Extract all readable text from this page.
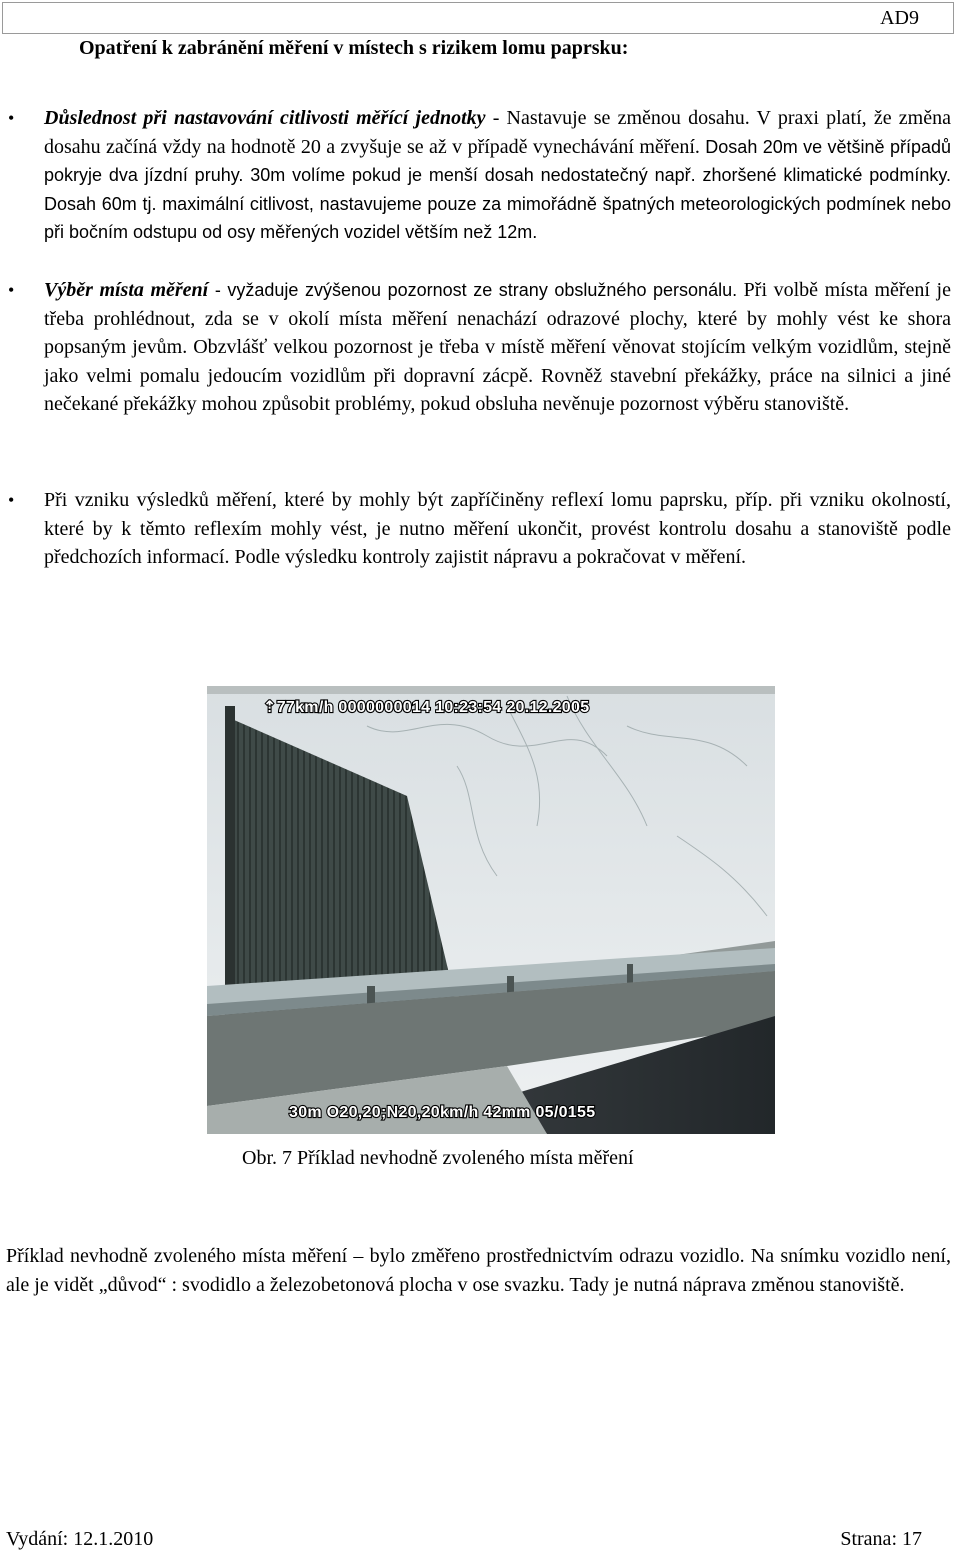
AD9
Opatření k zabránění měření v místech s rizikem lomu paprsku:
• Důslednost při nastavování citlivosti měřící jednotky - Nastavuje se změnou dosahu. V praxi platí, že změna dosahu začíná vždy na hodnotě 20 a zvyšuje se až v případě vynechávání měření. Dosah 20m ve většině případů pokryje dva jízdní pruhy. 30m volíme pokud je menší dosah nedostatečný např. zhoršené klimatické podmínky. Dosah 60m tj. maximální citlivost, nastavujeme pouze za mimořádně špatných meteorologických podmínek nebo při bočním odstupu od osy měřených vozidel větším než 12m.
• Výběr místa měření - vyžaduje zvýšenou pozornost ze strany obslužného personálu. Při volbě místa měření je třeba prohlédnout, zda se v okolí místa měření nenachází odrazové plochy, které by mohly vést ke shora popsaným jevům. Obzvlášť velkou pozornost je třeba v místě měření věnovat stojícím velkým vozidlům, stejně jako velmi pomalu jedoucím vozidlům při dopravní zácpě. Rovněž stavební překážky, práce na silnici a jiné nečekané překážky mohou způsobit problémy, pokud obsluha nevěnuje pozornost výběru stanoviště.
• Při vzniku výsledků měření, které by mohly být zapříčiněny reflexí lomu paprsku, příp. při vzniku okolností, které by k těmto reflexím mohly vést, je nutno měření ukončit, provést kontrolu dosahu a stanoviště podle předchozích informací. Podle výsledku kontroly zajistit nápravu a pokračovat v měření.
⇡77km/h 0000000014 10:23:54 20.12.2005
30m O20,20;N20,20km/h 42mm 05/0155
Obr. 7 Příklad nevhodně zvoleného místa měření
Příklad nevhodně zvoleného místa měření – bylo změřeno prostřednictvím odrazu vozidlo. Na snímku vozidlo není, ale je vidět „důvod“ : svodidlo a železobetonová plocha v ose svazku. Tady je nutná náprava změnou stanoviště.
Vydání: 12.1.2010	Strana: 17
